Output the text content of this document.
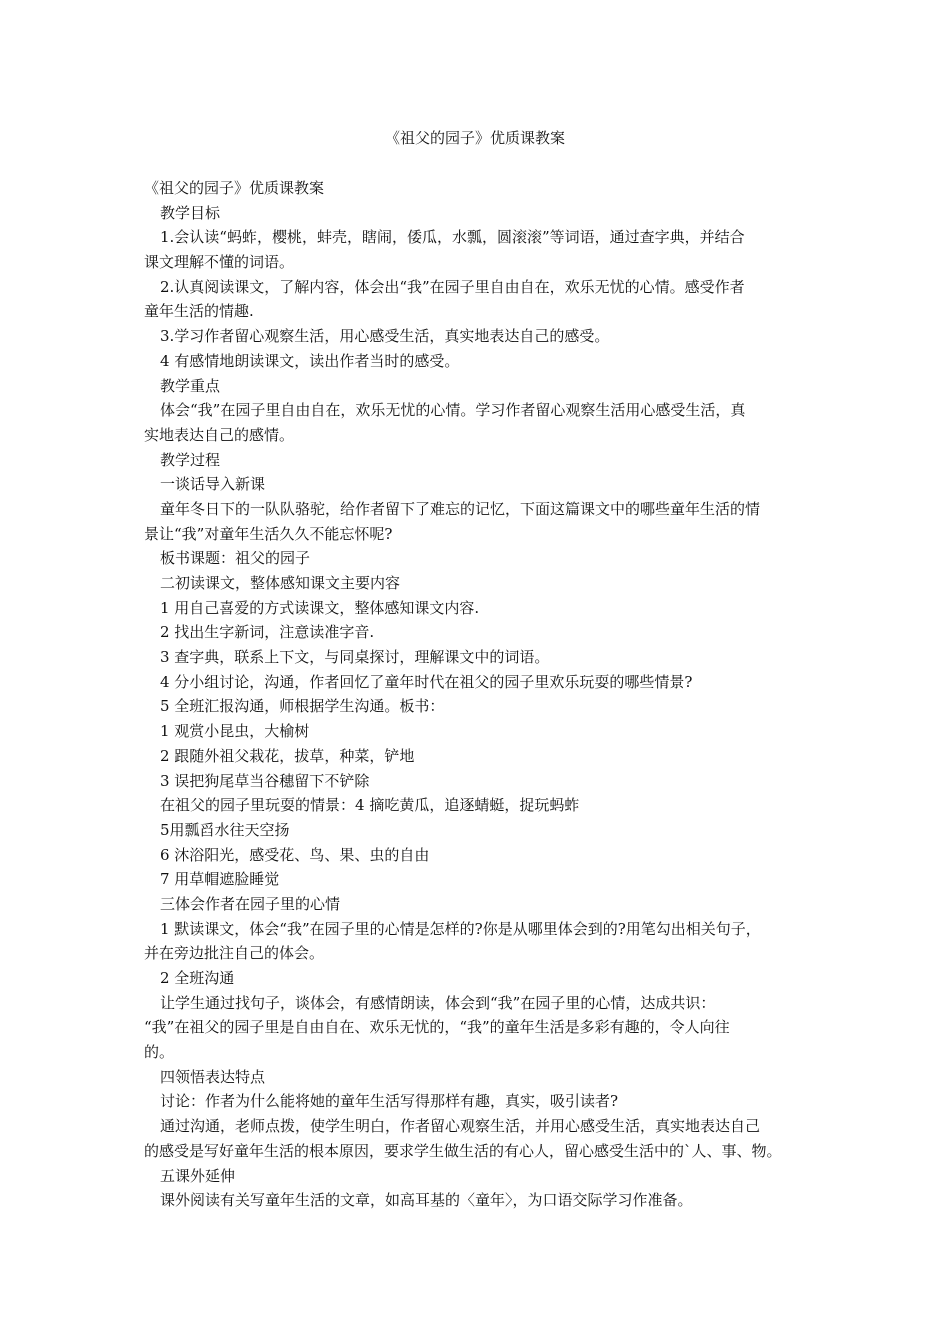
《祖父的园子》优质课教案
《祖父的园子》优质课教案
教学目标
1.会认读“蚂蚱，樱桃，蚌壳，瞎闹，倭瓜，水瓢，圆滚滚”等词语，通过查字典，并结合
课文理解不懂的词语。
2.认真阅读课文，了解内容，体会出“我”在园子里自由自在，欢乐无忧的心情。感受作者
童年生活的情趣.
3.学习作者留心观察生活，用心感受生活，真实地表达自己的感受。
4 有感情地朗读课文，读出作者当时的感受。
教学重点
体会“我”在园子里自由自在，欢乐无忧的心情。学习作者留心观察生活用心感受生活，真
实地表达自己的感情。
教学过程
一谈话导入新课
童年冬日下的一队队骆驼，给作者留下了难忘的记忆，下面这篇课文中的哪些童年生活的情
景让“我”对童年生活久久不能忘怀呢?
板书课题：祖父的园子
二初读课文，整体感知课文主要内容
1 用自己喜爱的方式读课文，整体感知课文内容.
2 找出生字新词，注意读准字音.
3 查字典，联系上下文，与同桌探讨，理解课文中的词语。
4 分小组讨论，沟通，作者回忆了童年时代在祖父的园子里欢乐玩耍的哪些情景?
5 全班汇报沟通，师根据学生沟通。板书：
1 观赏小昆虫，大榆树
2 跟随外祖父栽花，拔草，种菜，铲地
3 误把狗尾草当谷穗留下不铲除
在祖父的园子里玩耍的情景：4 摘吃黄瓜，追逐蜻蜓，捉玩蚂蚱
5用瓢舀水往天空扬
6 沐浴阳光，感受花、鸟、果、虫的自由
7 用草帽遮脸睡觉
三体会作者在园子里的心情
1 默读课文，体会“我”在园子里的心情是怎样的?你是从哪里体会到的?用笔勾出相关句子，
并在旁边批注自己的体会。
2 全班沟通
让学生通过找句子，谈体会，有感情朗读，体会到“我”在园子里的心情，达成共识：
“我”在祖父的园子里是自由自在、欢乐无忧的，“我”的童年生活是多彩有趣的，令人向往
的。
四领悟表达特点
讨论：作者为什么能将她的童年生活写得那样有趣，真实，吸引读者?
通过沟通，老师点拨，使学生明白，作者留心观察生活，并用心感受生活，真实地表达自己
的感受是写好童年生活的根本原因，要求学生做生活的有心人，留心感受生活中的`人、事、物。
五课外延伸
课外阅读有关写童年生活的文章，如高耳基的〈童年〉，为口语交际学习作准备。
